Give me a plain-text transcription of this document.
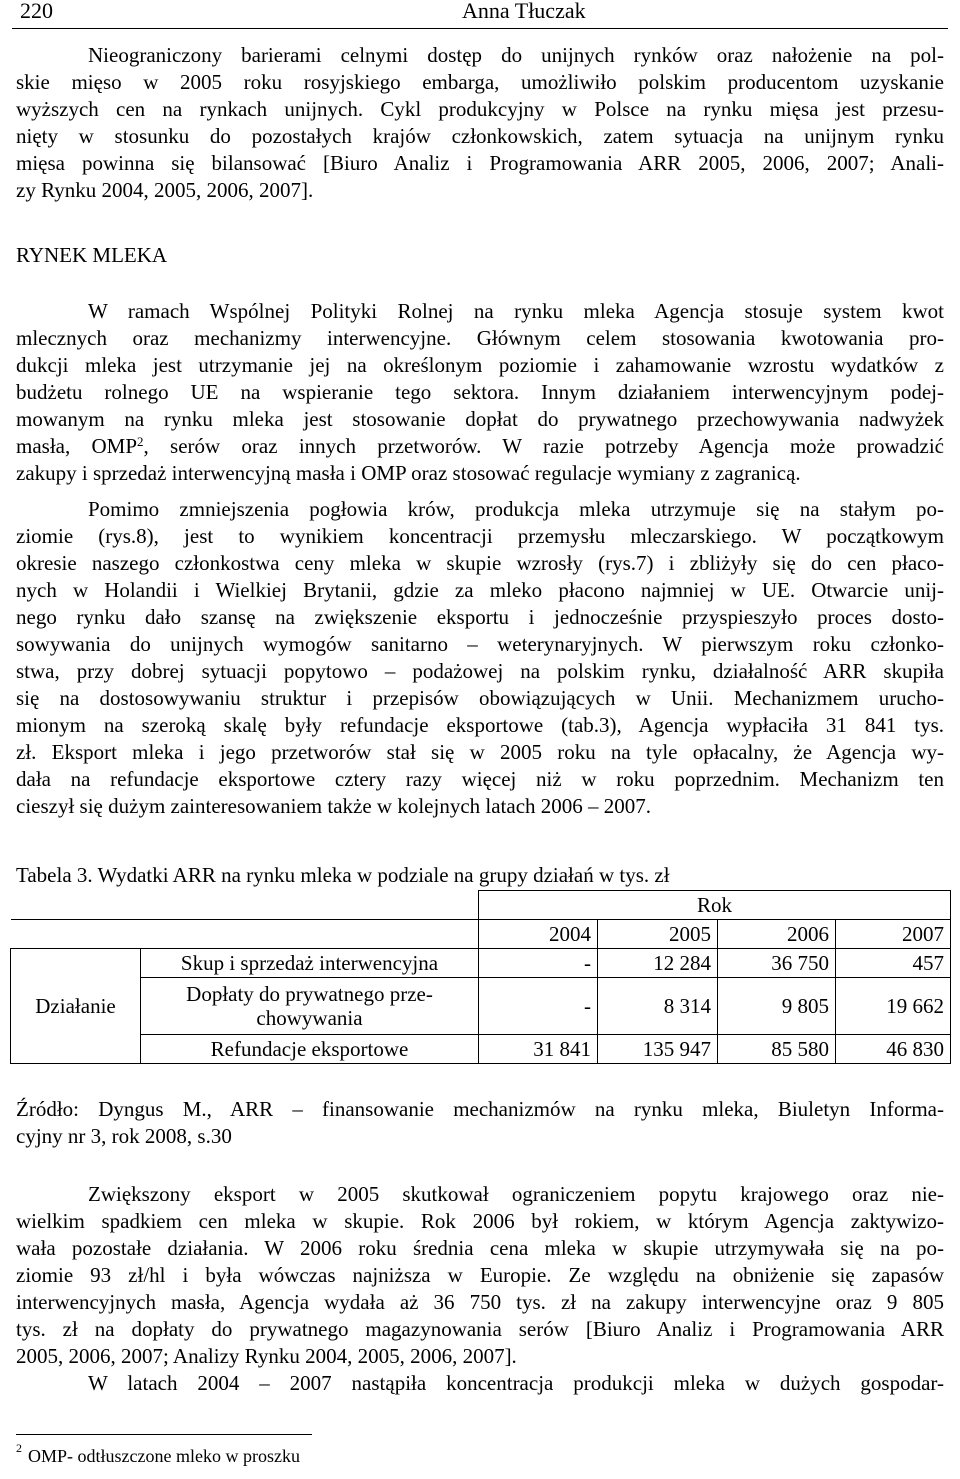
220	Anna Tłuczak
Nieograniczony barierami celnymi dostęp do unijnych rynków oraz nałożenie na pol-
skie mięso w 2005 roku rosyjskiego embarga, umożliwiło polskim producentom uzyskanie
wyższych cen na rynkach unijnych. Cykl produkcyjny w Polsce na rynku mięsa jest przesu-
nięty w stosunku do pozostałych krajów członkowskich, zatem sytuacja na unijnym rynku
mięsa powinna się bilansować [Biuro Analiz i Programowania ARR 2005, 2006, 2007; Anali-
zy Rynku 2004, 2005, 2006, 2007].
RYNEK MLEKA
W ramach Wspólnej Polityki Rolnej na rynku mleka Agencja stosuje system kwot
mlecznych oraz mechanizmy interwencyjne. Głównym celem stosowania kwotowania pro-
dukcji mleka jest utrzymanie jej na określonym poziomie i zahamowanie wzrostu wydatków z
budżetu rolnego UE na wspieranie tego sektora. Innym działaniem interwencyjnym podej-
mowanym na rynku mleka jest stosowanie dopłat do prywatnego przechowywania nadwyżek
masła, OMP$^2$, serów oraz innych przetworów. W razie potrzeby Agencja może prowadzić
zakupy i sprzedaż interwencyjną masła i OMP oraz stosować regulacje wymiany z zagranicą.
Pomimo zmniejszenia pogłowia krów, produkcja mleka utrzymuje się na stałym po-
ziomie (rys.8), jest to wynikiem koncentracji przemysłu mleczarskiego. W początkowym
okresie naszego członkostwa ceny mleka w skupie wzrosły (rys.7) i zbliżyły się do cen płaco-
nych w Holandii i Wielkiej Brytanii, gdzie za mleko płacono najmniej w UE. Otwarcie unij-
nego rynku dało szansę na zwiększenie eksportu i jednocześnie przyspieszyło proces dosto-
sowywania do unijnych wymogów sanitarno – weterynaryjnych. W pierwszym roku członko-
stwa, przy dobrej sytuacji popytowo – podażowej na polskim rynku, działalność ARR skupiła
się na dostosowywaniu struktur i przepisów obowiązujących w Unii. Mechanizmem urucho-
mionym na szeroką skalę były refundacje eksportowe (tab.3), Agencja wypłaciła 31 841 tys.
zł. Eksport mleka i jego przetworów stał się w 2005 roku na tyle opłacalny, że Agencja wy-
dała na refundacje eksportowe cztery razy więcej niż w roku poprzednim. Mechanizm ten
cieszył się dużym zainteresowaniem także w kolejnych latach 2006 – 2007.
Tabela 3. Wydatki ARR na rynku mleka w podziale na grupy działań w tys. zł
		Rok			
		2004	2005	2006	2007
Działanie	Skup i sprzedaż interwencyjna	-	12 284	36 750	457
	Dopłaty do prywatnego prze-
chowywania	-	8 314	9 805	19 662
	Refundacje eksportowe	31 841	135 947	85 580	46 830
Źródło: Dyngus M., ARR – finansowanie mechanizmów na rynku mleka, Biuletyn Informa-
cyjny nr 3, rok 2008, s.30
Zwiększony eksport w 2005 skutkował ograniczeniem popytu krajowego oraz nie-
wielkim spadkiem cen mleka w skupie. Rok 2006 był rokiem, w którym Agencja zaktywizo-
wała pozostałe działania. W 2006 roku średnia cena mleka w skupie utrzymywała się na po-
ziomie 93 zł/hl i była wówczas najniższa w Europie. Ze względu na obniżenie się zapasów
interwencyjnych masła, Agencja wydała aż 36 750 tys. zł na zakupy interwencyjne oraz 9 805
tys. zł na dopłaty do prywatnego magazynowania serów [Biuro Analiz i Programowania ARR
2005, 2006, 2007; Analizy Rynku 2004, 2005, 2006, 2007].
W latach 2004 – 2007 nastąpiła koncentracja produkcji mleka w dużych gospodar-
$^2$ OMP- odtłuszczone mleko w proszku
